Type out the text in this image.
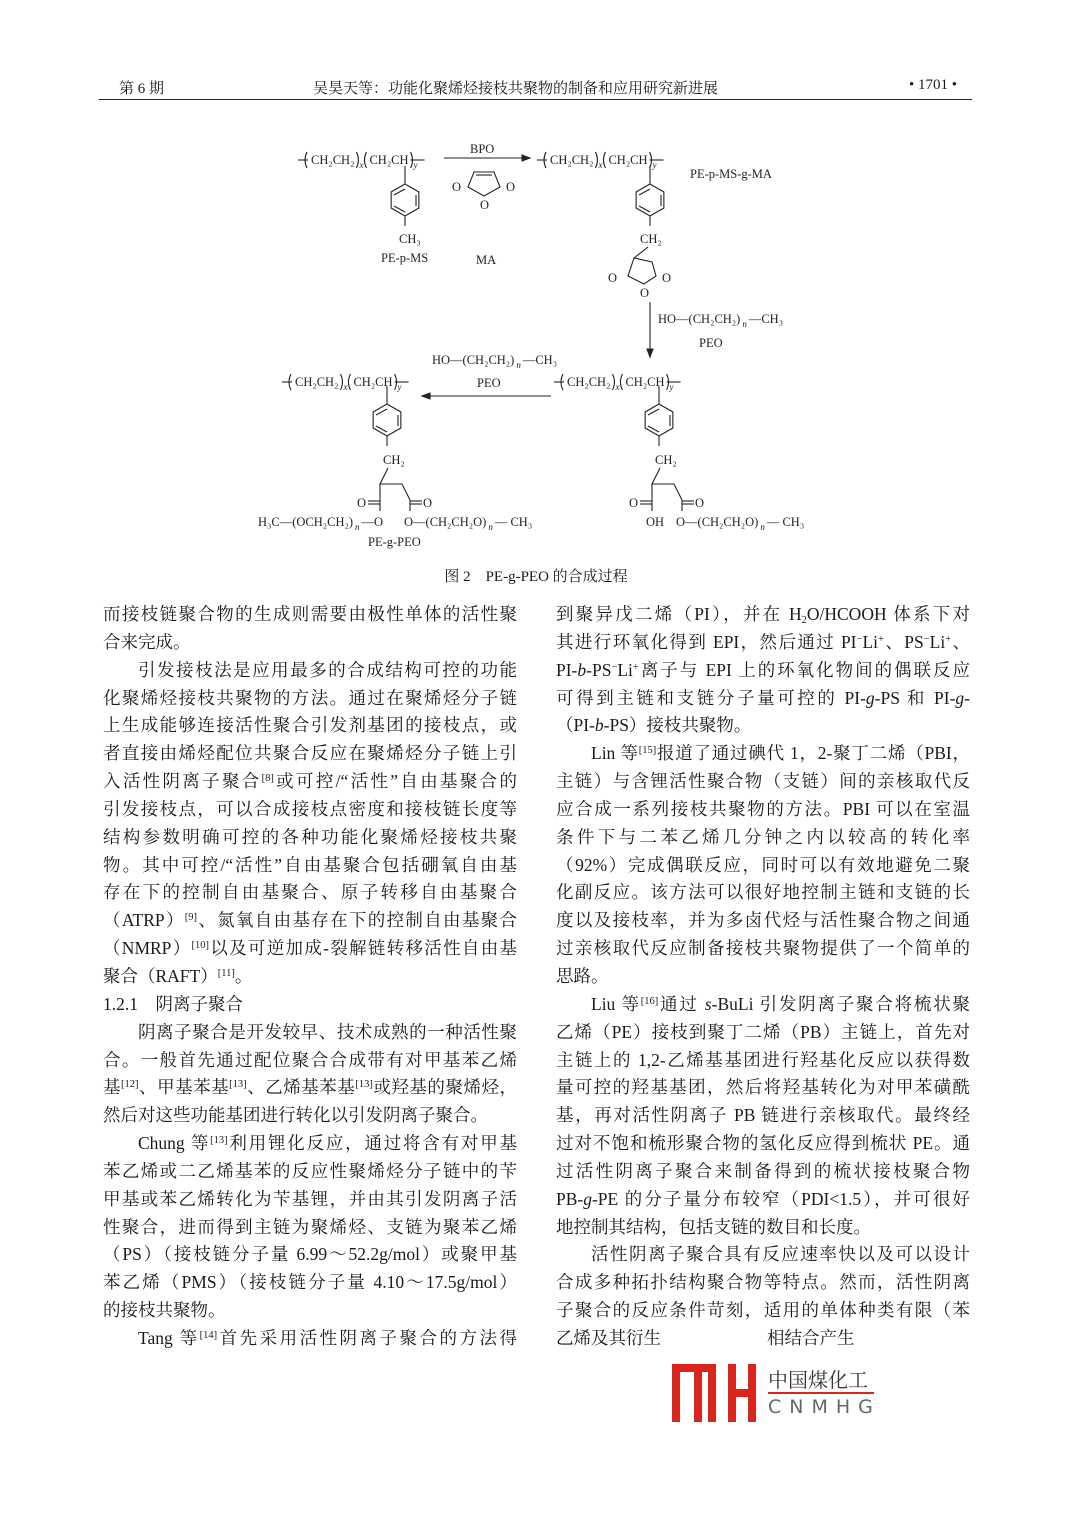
第 6 期	吴昊天等：功能化聚烯烃接枝共聚物的制备和应用研究新进展	• 1701 •
CH₂CH₂ x CH₂CH y
CH₃
PE-p-MS
BPO
O	O
O
MA
CH₂CH₂ x CH₂CH y
CH₂
PE-p-MS-g-MA
O	O
O
HO—(CH₂CH₂) n —CH₃
PEO
CH₂CH₂ x CH₂CH y
CH₂
O	O
OH O—(CH₂CH₂O) n — CH₃
HO—(CH₂CH₂) n —CH₃
PEO
CH₂CH₂ x CH₂CH y
CH₂
O	O
H₃C—(OCH₂CH₂) n —O O—(CH₂CH₂O) n — CH₃
PE-g-PEO
图 2　PE-g-PEO 的合成过程
而接枝链聚合物的生成则需要由极性单体的活性聚
合来完成。
引发接枝法是应用最多的合成结构可控的功能
化聚烯烃接枝共聚物的方法。通过在聚烯烃分子链
上生成能够连接活性聚合引发剂基团的接枝点，或
者直接由烯烃配位共聚合反应在聚烯烃分子链上引
入活性阴离子聚合[8]或可控/“活性”自由基聚合的
引发接枝点，可以合成接枝点密度和接枝链长度等
结构参数明确可控的各种功能化聚烯烃接枝共聚
物。其中可控/“活性”自由基聚合包括硼氧自由基
存在下的控制自由基聚合、原子转移自由基聚合
（ATRP）[9]、氮氧自由基存在下的控制自由基聚合
（NMRP）[10]以及可逆加成-裂解链转移活性自由基
聚合（RAFT）[11]。
1.2.1　阴离子聚合
阴离子聚合是开发较早、技术成熟的一种活性聚
合。一般首先通过配位聚合合成带有对甲基苯乙烯
基[12]、甲基苯基[13]、乙烯基苯基[13]或羟基的聚烯烃，
然后对这些功能基团进行转化以引发阴离子聚合。
Chung 等[13]利用锂化反应，通过将含有对甲基
苯乙烯或二乙烯基苯的反应性聚烯烃分子链中的苄
甲基或苯乙烯转化为苄基锂，并由其引发阴离子活
性聚合，进而得到主链为聚烯烃、支链为聚苯乙烯
（PS）（接枝链分子量 6.99～52.2g/mol）或聚甲基
苯乙烯（PMS）（接枝链分子量 4.10～17.5g/mol）
的接枝共聚物。
Tang 等[14]首先采用活性阴离子聚合的方法得
到聚异戊二烯（PI），并在 $H_2O$/HCOOH 体系下对
其进行环氧化得到 EPI，然后通过 PI−Li+、PS−Li+、
PI-b-PS−Li+离子与 EPI 上的环氧化物间的偶联反应
可得到主链和支链分子量可控的 PI-g-PS 和 PI-g-
（PI-b-PS）接枝共聚物。
Lin 等[15]报道了通过碘代 1，2-聚丁二烯（PBI，
主链）与含锂活性聚合物（支链）间的亲核取代反
应合成一系列接枝共聚物的方法。PBI 可以在室温
条件下与二苯乙烯几分钟之内以较高的转化率
（92%）完成偶联反应，同时可以有效地避免二聚
化副反应。该方法可以很好地控制主链和支链的长
度以及接枝率，并为多卤代烃与活性聚合物之间通
过亲核取代反应制备接枝共聚物提供了一个简单的
思路。
Liu 等[16]通过 s-BuLi 引发阴离子聚合将梳状聚
乙烯（PE）接枝到聚丁二烯（PB）主链上，首先对
主链上的 1,2-乙烯基基团进行羟基化反应以获得数
量可控的羟基基团，然后将羟基转化为对甲苯磺酰
基，再对活性阴离子 PB 链进行亲核取代。最终经
过对不饱和梳形聚合物的氢化反应得到梳状 PE。通
过活性阴离子聚合来制备得到的梳状接枝聚合物
PB-g-PE 的分子量分布较窄（PDI<1.5），并可很好
地控制其结构，包括支链的数目和长度。
活性阴离子聚合具有反应速率快以及可以设计
合成多种拓扑结构聚合物等特点。然而，活性阴离
子聚合的反应条件苛刻，适用的单体种类有限（苯
乙烯及其衍生	相结合产生
中国煤化工
CNMHG
